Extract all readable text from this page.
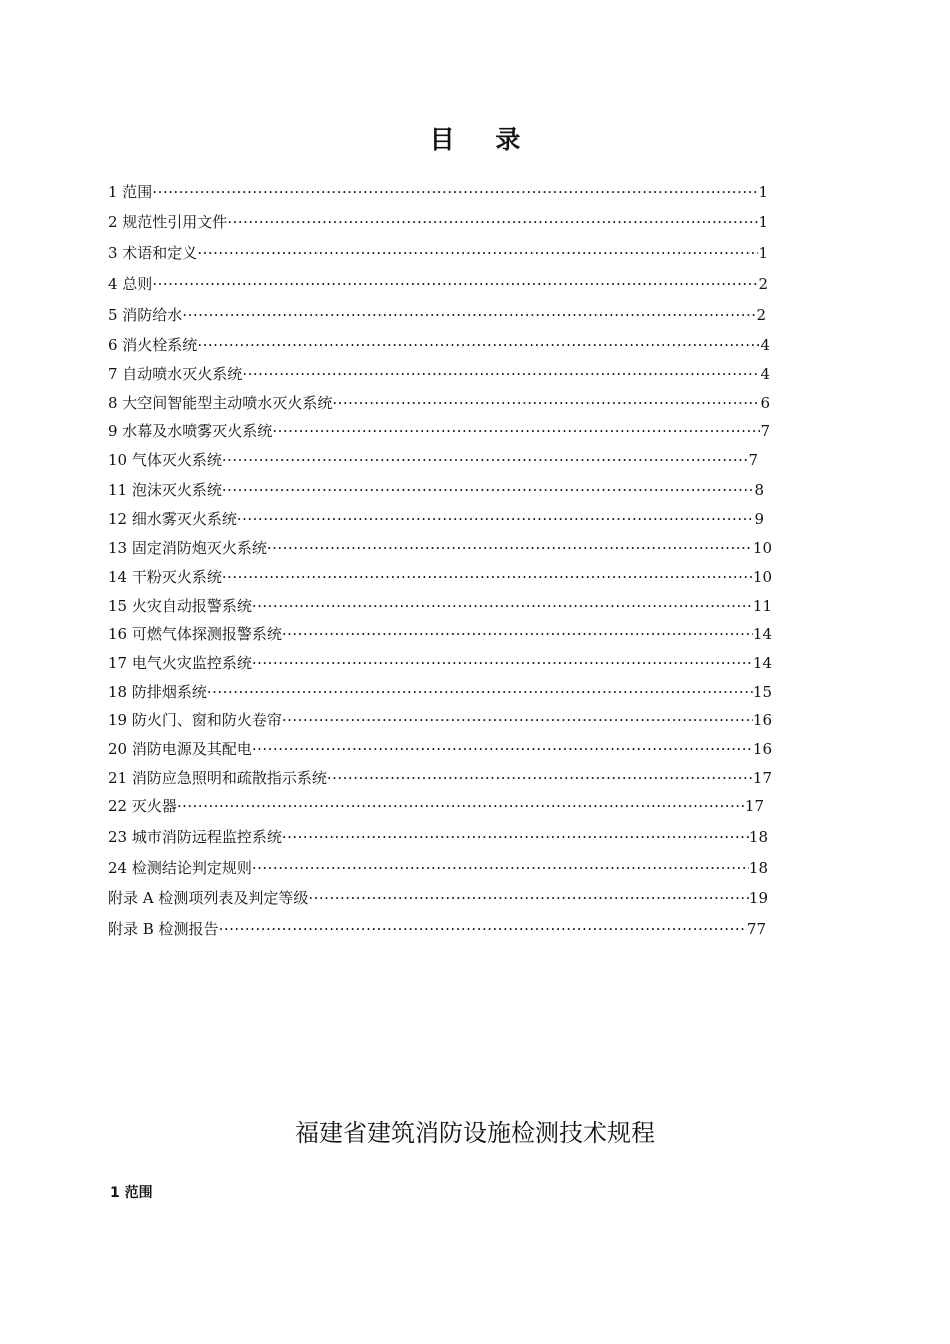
目 录
1 范围 ·····	1
2 规范性引用文件 ·····	1
3 术语和定义 ·····	1
4 总则 ·····	2
5 消防给水 ·····	2
6 消火栓系统 ·····	4
7 自动喷水灭火系统 ·····	4
8 大空间智能型主动喷水灭火系统 ·····	6
9 水幕及水喷雾灭火系统 ·····	7
10 气体灭火系统 ·····	7
11 泡沫灭火系统 ·····	8
12 细水雾灭火系统 ·····	9
13 固定消防炮灭火系统 ·····	10
14 干粉灭火系统 ·····	10
15 火灾自动报警系统 ·····	11
16 可燃气体探测报警系统 ·····	14
17 电气火灾监控系统 ·····	14
18 防排烟系统 ·····	15
19 防火门、窗和防火卷帘 ·····	16
20 消防电源及其配电 ·····	16
21 消防应急照明和疏散指示系统 ·····	17
22 灭火器 ·····	17
23 城市消防远程监控系统 ·····	18
24 检测结论判定规则 ·····	18
附录 A 检测项列表及判定等级 ·····	19
附录 B 检测报告 ·····	77
福建省建筑消防设施检测技术规程
1 范围
